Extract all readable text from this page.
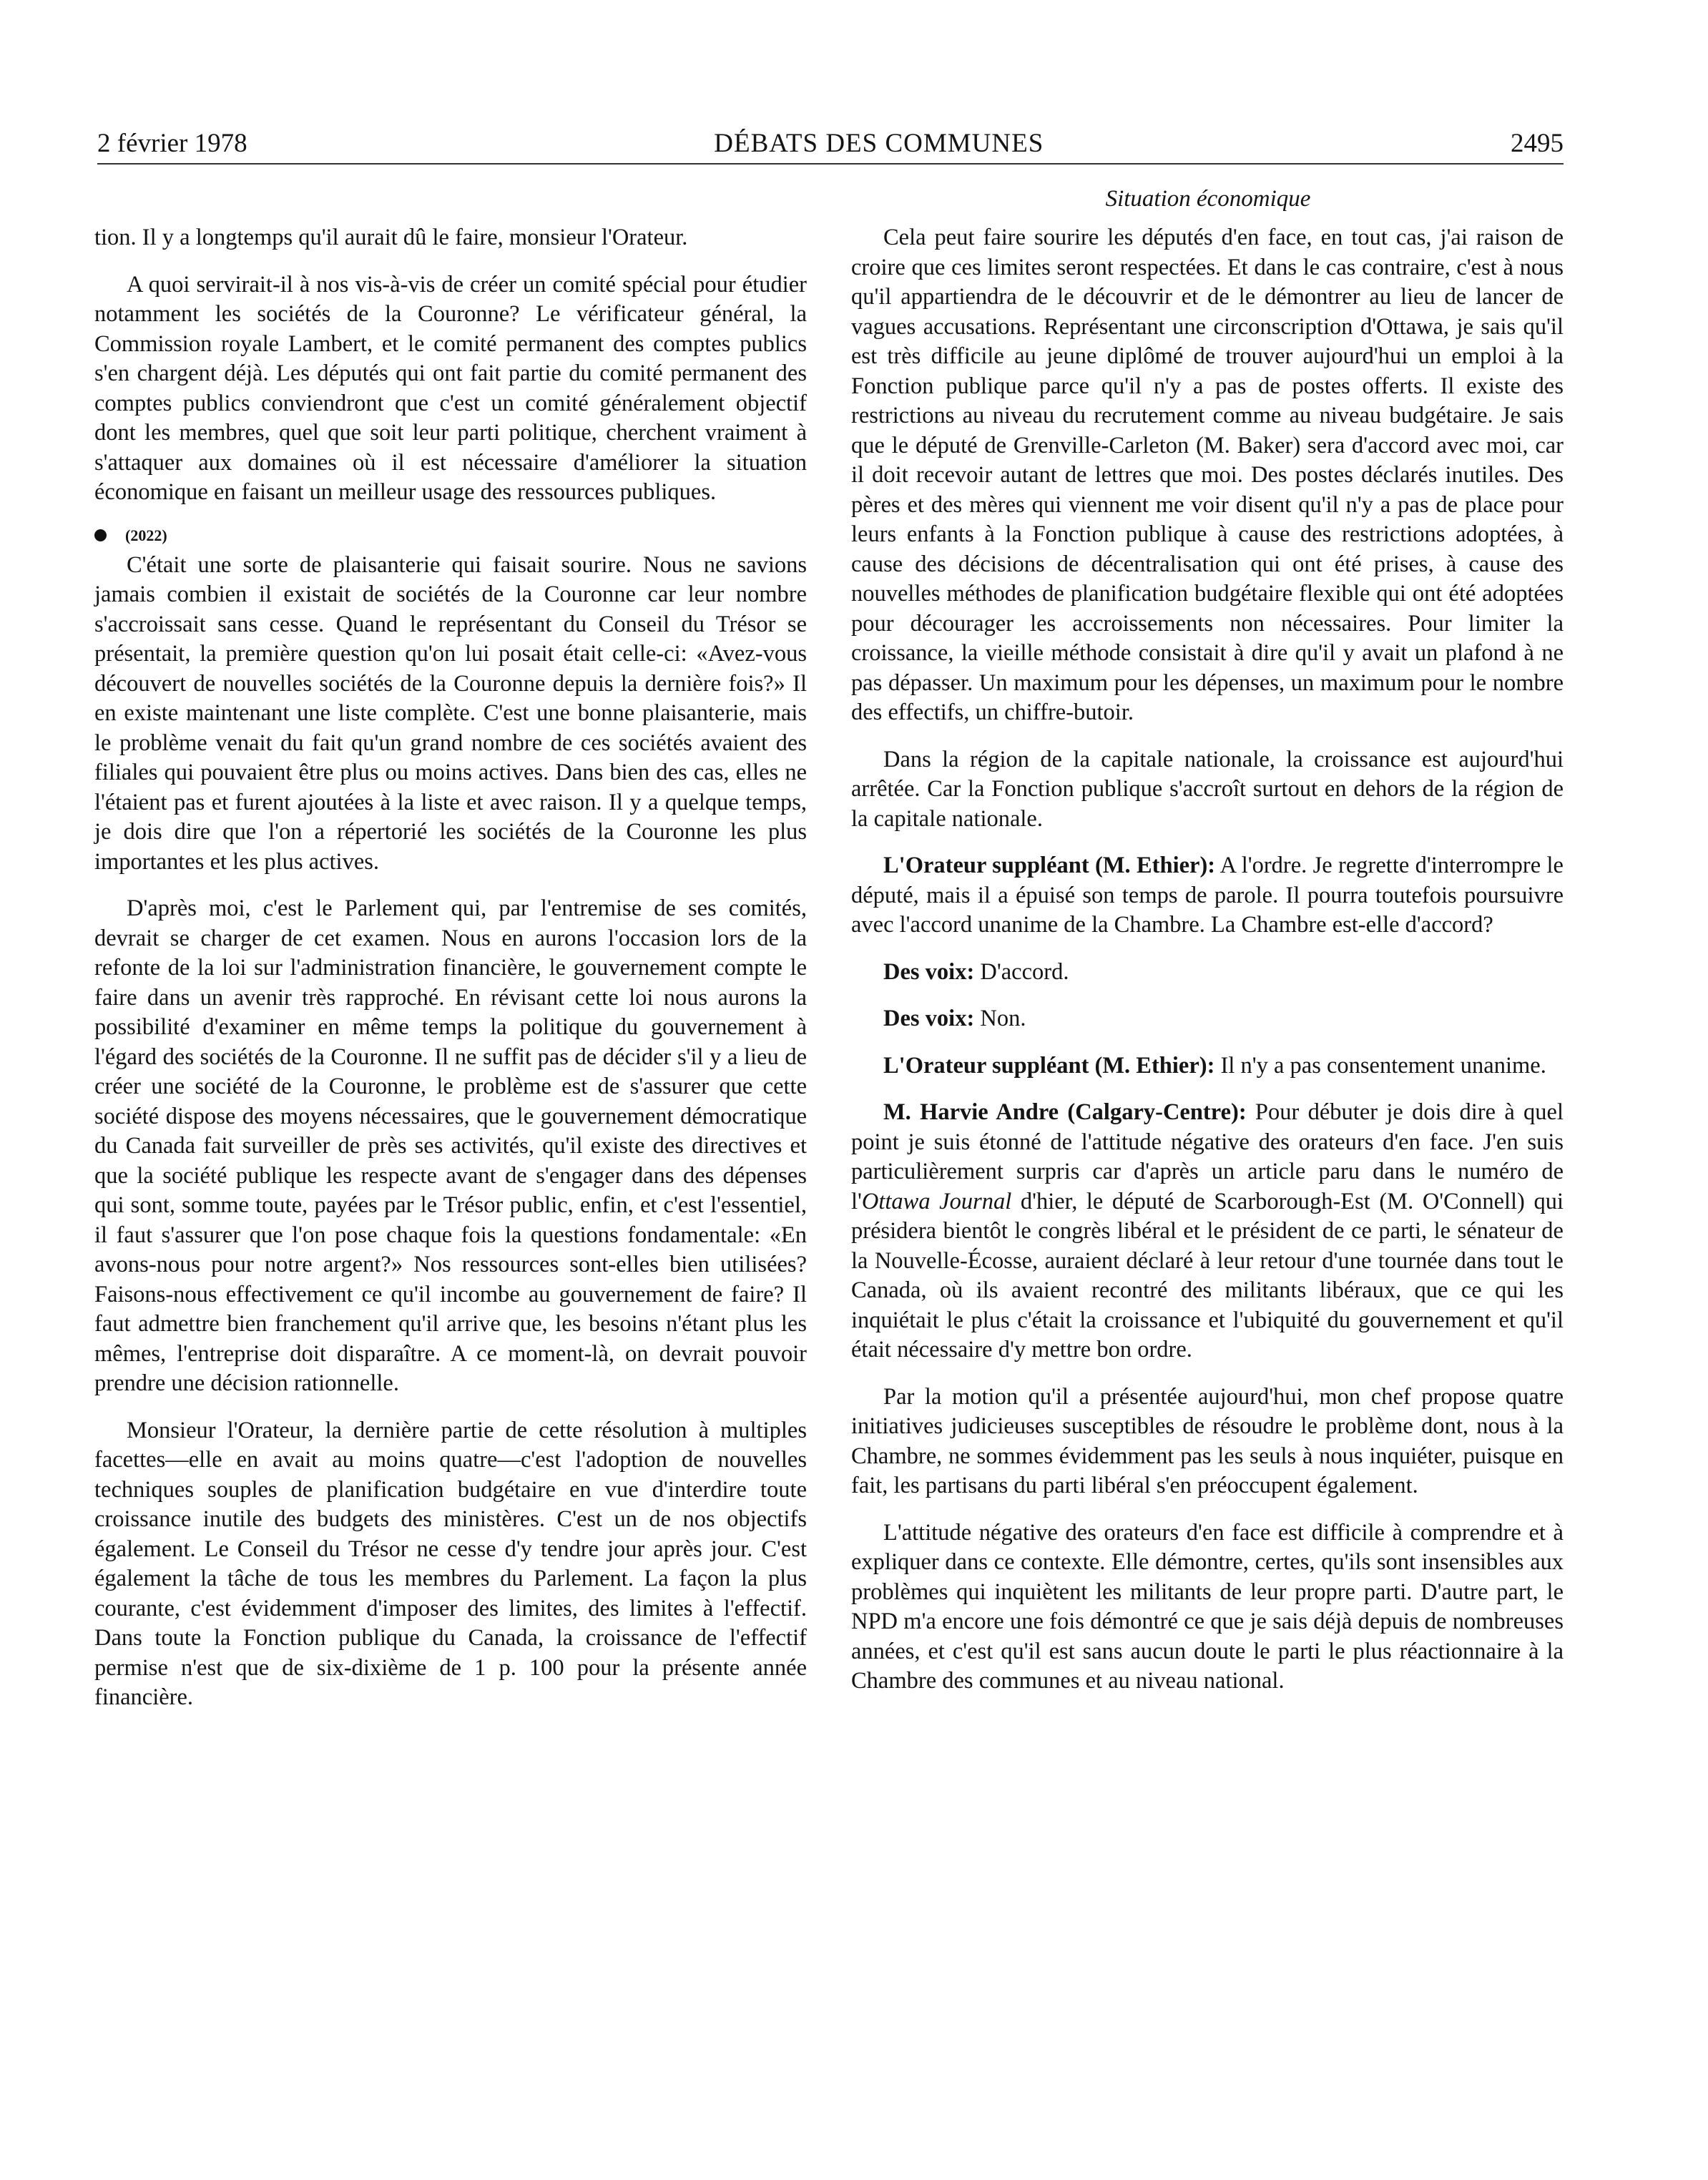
2 février 1978	DÉBATS DES COMMUNES	2495
Situation économique

tion. Il y a longtemps qu'il aurait dû le faire, monsieur l'Orateur.

A quoi servirait-il à nos vis-à-vis de créer un comité spécial pour étudier notamment les sociétés de la Couronne? Le vérificateur général, la Commission royale Lambert, et le comité permanent des comptes publics s'en chargent déjà. Les députés qui ont fait partie du comité permanent des comptes publics conviendront que c'est un comité généralement objectif dont les membres, quel que soit leur parti politique, cherchent vraiment à s'attaquer aux domaines où il est nécessaire d'améliorer la situation économique en faisant un meilleur usage des ressources publiques.

(2022)

C'était une sorte de plaisanterie qui faisait sourire. Nous ne savions jamais combien il existait de sociétés de la Couronne car leur nombre s'accroissait sans cesse. Quand le représentant du Conseil du Trésor se présentait, la première question qu'on lui posait était celle-ci: «Avez-vous découvert de nouvelles sociétés de la Couronne depuis la dernière fois?» Il en existe maintenant une liste complète. C'est une bonne plaisanterie, mais le problème venait du fait qu'un grand nombre de ces sociétés avaient des filiales qui pouvaient être plus ou moins actives. Dans bien des cas, elles ne l'étaient pas et furent ajoutées à la liste et avec raison. Il y a quelque temps, je dois dire que l'on a répertorié les sociétés de la Couronne les plus importantes et les plus actives.

D'après moi, c'est le Parlement qui, par l'entremise de ses comités, devrait se charger de cet examen. Nous en aurons l'occasion lors de la refonte de la loi sur l'administration financière, le gouvernement compte le faire dans un avenir très rapproché. En révisant cette loi nous aurons la possibilité d'examiner en même temps la politique du gouvernement à l'égard des sociétés de la Couronne. Il ne suffit pas de décider s'il y a lieu de créer une société de la Couronne, le problème est de s'assurer que cette société dispose des moyens nécessaires, que le gouvernement démocratique du Canada fait surveiller de près ses activités, qu'il existe des directives et que la société publique les respecte avant de s'engager dans des dépenses qui sont, somme toute, payées par le Trésor public, enfin, et c'est l'essentiel, il faut s'assurer que l'on pose chaque fois la questions fondamentale: «En avons-nous pour notre argent?» Nos ressources sont-elles bien utilisées? Faisons-nous effectivement ce qu'il incombe au gouvernement de faire? Il faut admettre bien franchement qu'il arrive que, les besoins n'étant plus les mêmes, l'entreprise doit disparaître. A ce moment-là, on devrait pouvoir prendre une décision rationnelle.

Monsieur l'Orateur, la dernière partie de cette résolution à multiples facettes—elle en avait au moins quatre—c'est l'adoption de nouvelles techniques souples de planification budgétaire en vue d'interdire toute croissance inutile des budgets des ministères. C'est un de nos objectifs également. Le Conseil du Trésor ne cesse d'y tendre jour après jour. C'est également la tâche de tous les membres du Parlement. La façon la plus courante, c'est évidemment d'imposer des limites, des limites à l'effectif. Dans toute la Fonction publique du Canada, la croissance de l'effectif permise n'est que de six-dixième de 1 p. 100 pour la présente année financière.

Cela peut faire sourire les députés d'en face, en tout cas, j'ai raison de croire que ces limites seront respectées. Et dans le cas contraire, c'est à nous qu'il appartiendra de le découvrir et de le démontrer au lieu de lancer de vagues accusations. Représentant une circonscription d'Ottawa, je sais qu'il est très difficile au jeune diplômé de trouver aujourd'hui un emploi à la Fonction publique parce qu'il n'y a pas de postes offerts. Il existe des restrictions au niveau du recrutement comme au niveau budgétaire. Je sais que le député de Grenville-Carleton (M. Baker) sera d'accord avec moi, car il doit recevoir autant de lettres que moi. Des postes déclarés inutiles. Des pères et des mères qui viennent me voir disent qu'il n'y a pas de place pour leurs enfants à la Fonction publique à cause des restrictions adoptées, à cause des décisions de décentralisation qui ont été prises, à cause des nouvelles méthodes de planification budgétaire flexible qui ont été adoptées pour décourager les accroissements non nécessaires. Pour limiter la croissance, la vieille méthode consistait à dire qu'il y avait un plafond à ne pas dépasser. Un maximum pour les dépenses, un maximum pour le nombre des effectifs, un chiffre-butoir.

Dans la région de la capitale nationale, la croissance est aujourd'hui arrêtée. Car la Fonction publique s'accroît surtout en dehors de la région de la capitale nationale.

L'Orateur suppléant (M. Ethier): A l'ordre. Je regrette d'interrompre le député, mais il a épuisé son temps de parole. Il pourra toutefois poursuivre avec l'accord unanime de la Chambre. La Chambre est-elle d'accord?

Des voix: D'accord.

Des voix: Non.

L'Orateur suppléant (M. Ethier): Il n'y a pas consentement unanime.

M. Harvie Andre (Calgary-Centre): Pour débuter je dois dire à quel point je suis étonné de l'attitude négative des orateurs d'en face. J'en suis particulièrement surpris car d'après un article paru dans le numéro de l'Ottawa Journal d'hier, le député de Scarborough-Est (M. O'Connell) qui présidera bientôt le congrès libéral et le président de ce parti, le sénateur de la Nouvelle-Écosse, auraient déclaré à leur retour d'une tournée dans tout le Canada, où ils avaient recontré des militants libéraux, que ce qui les inquiétait le plus c'était la croissance et l'ubiquité du gouvernement et qu'il était nécessaire d'y mettre bon ordre.

Par la motion qu'il a présentée aujourd'hui, mon chef propose quatre initiatives judicieuses susceptibles de résoudre le problème dont, nous à la Chambre, ne sommes évidemment pas les seuls à nous inquiéter, puisque en fait, les partisans du parti libéral s'en préoccupent également.

L'attitude négative des orateurs d'en face est difficile à comprendre et à expliquer dans ce contexte. Elle démontre, certes, qu'ils sont insensibles aux problèmes qui inquiètent les militants de leur propre parti. D'autre part, le NPD m'a encore une fois démontré ce que je sais déjà depuis de nombreuses années, et c'est qu'il est sans aucun doute le parti le plus réactionnaire à la Chambre des communes et au niveau national.
